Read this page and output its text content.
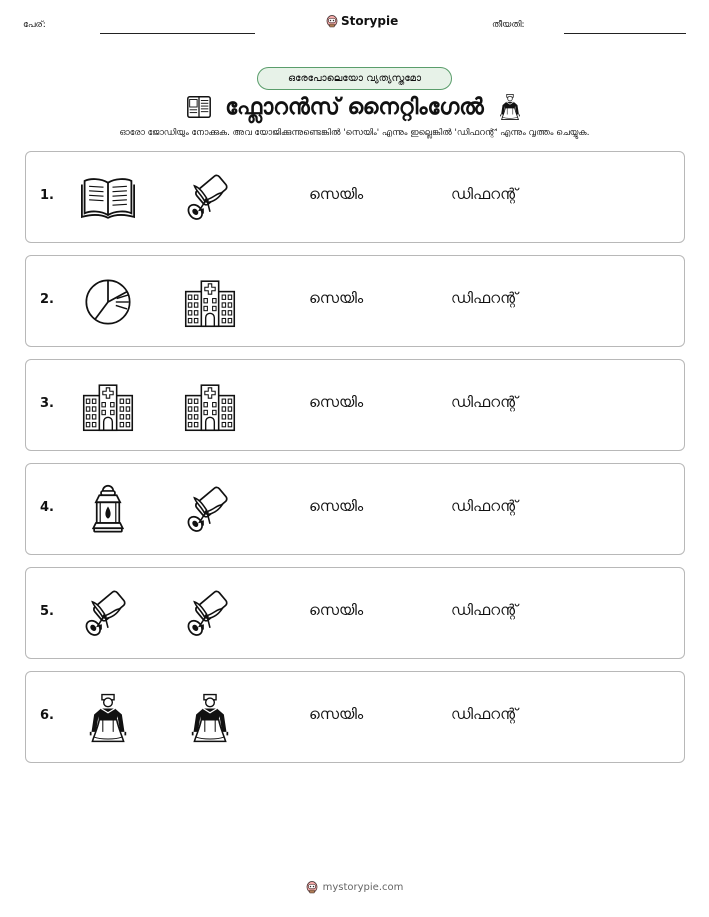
പേര്:	Storypie	തീയതി:
ഒരേപോലെയോ വ്യത്യസ്തമോ
ഫ്ലോറൻസ് നൈറ്റിംഗേൽ
ഓരോ ജോഡിയും നോക്കുക. അവ യോജിക്കുന്നുണ്ടെങ്കിൽ 'സെയിം' എന്നും ഇല്ലെങ്കിൽ 'ഡിഫറന്റ്' എന്നും വൃത്തം ചെയ്യുക.
1.	സെയിം	ഡിഫറന്റ്
2.	സെയിം	ഡിഫറന്റ്
3.	സെയിം	ഡിഫറന്റ്
4.	സെയിം	ഡിഫറന്റ്
5.	സെയിം	ഡിഫറന്റ്
6.	സെയിം	ഡിഫറന്റ്
mystorypie.com
